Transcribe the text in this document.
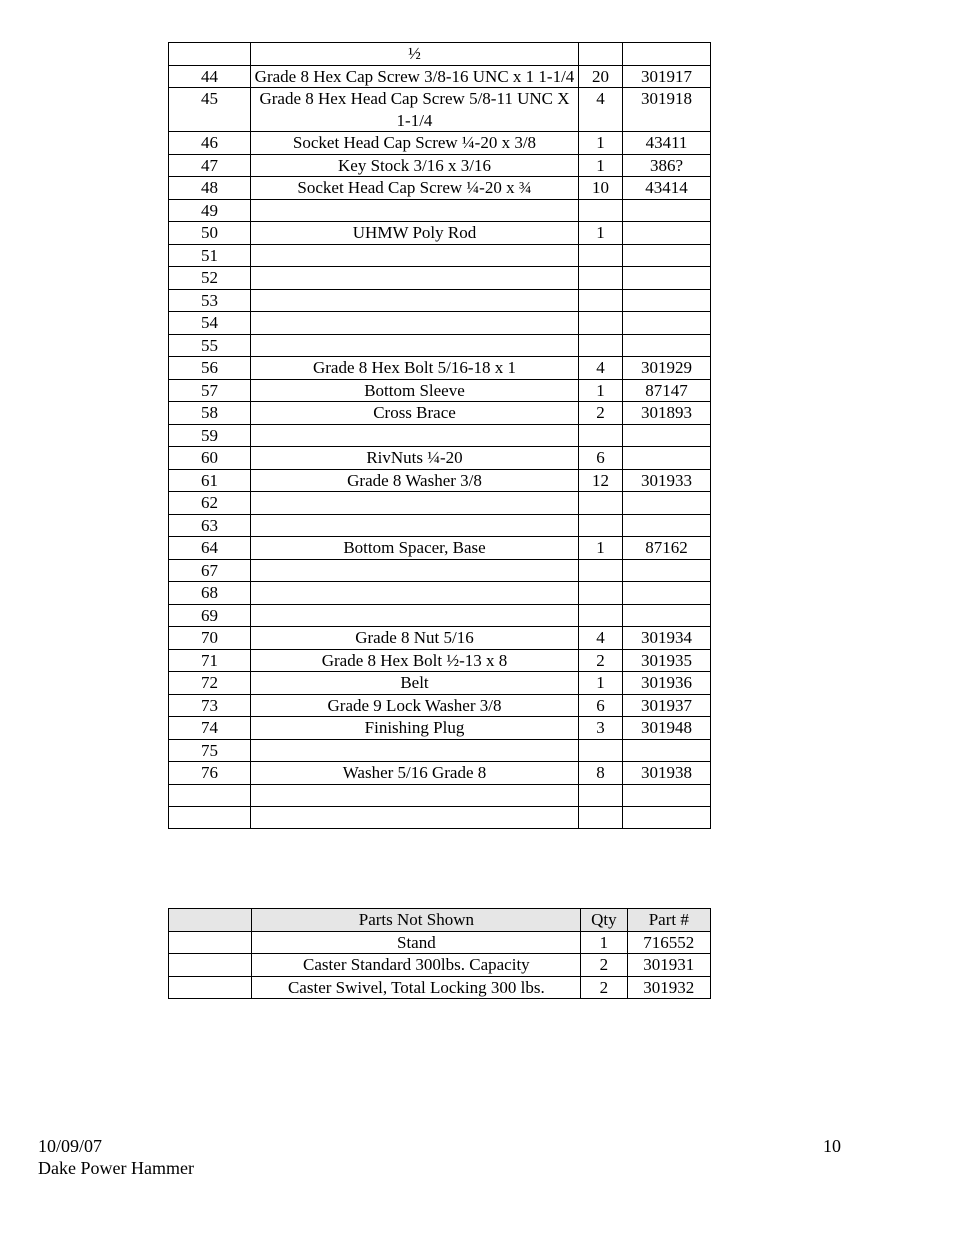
	½		
44	Grade 8 Hex Cap Screw 3/8-16 UNC x 1 1-1/4	20	301917
45	Grade 8 Hex Head Cap Screw 5/8-11 UNC X 1-1/4	4	301918
46	Socket Head Cap Screw ¼-20 x 3/8	1	43411
47	Key Stock 3/16 x 3/16	1	386?
48	Socket Head Cap Screw ¼-20 x ¾	10	43414
49			
50	UHMW Poly Rod	1	
51			
52			
53			
54			
55			
56	Grade 8 Hex Bolt 5/16-18 x 1	4	301929
57	Bottom Sleeve	1	87147
58	Cross Brace	2	301893
59			
60	RivNuts ¼-20	6	
61	Grade 8 Washer 3/8	12	301933
62			
63			
64	Bottom Spacer, Base	1	87162
67			
68			
69			
70	Grade 8 Nut 5/16	4	301934
71	Grade 8 Hex Bolt ½-13 x 8	2	301935
72	Belt	1	301936
73	Grade 9 Lock Washer 3/8	6	301937
74	Finishing Plug	3	301948
75			
76	Washer 5/16 Grade 8	8	301938

	Parts Not Shown	Qty	Part #
	Stand	1	716552
	Caster Standard 300lbs. Capacity	2	301931
	Caster Swivel, Total Locking 300 lbs.	2	301932
10/09/07
Dake Power Hammer
10
